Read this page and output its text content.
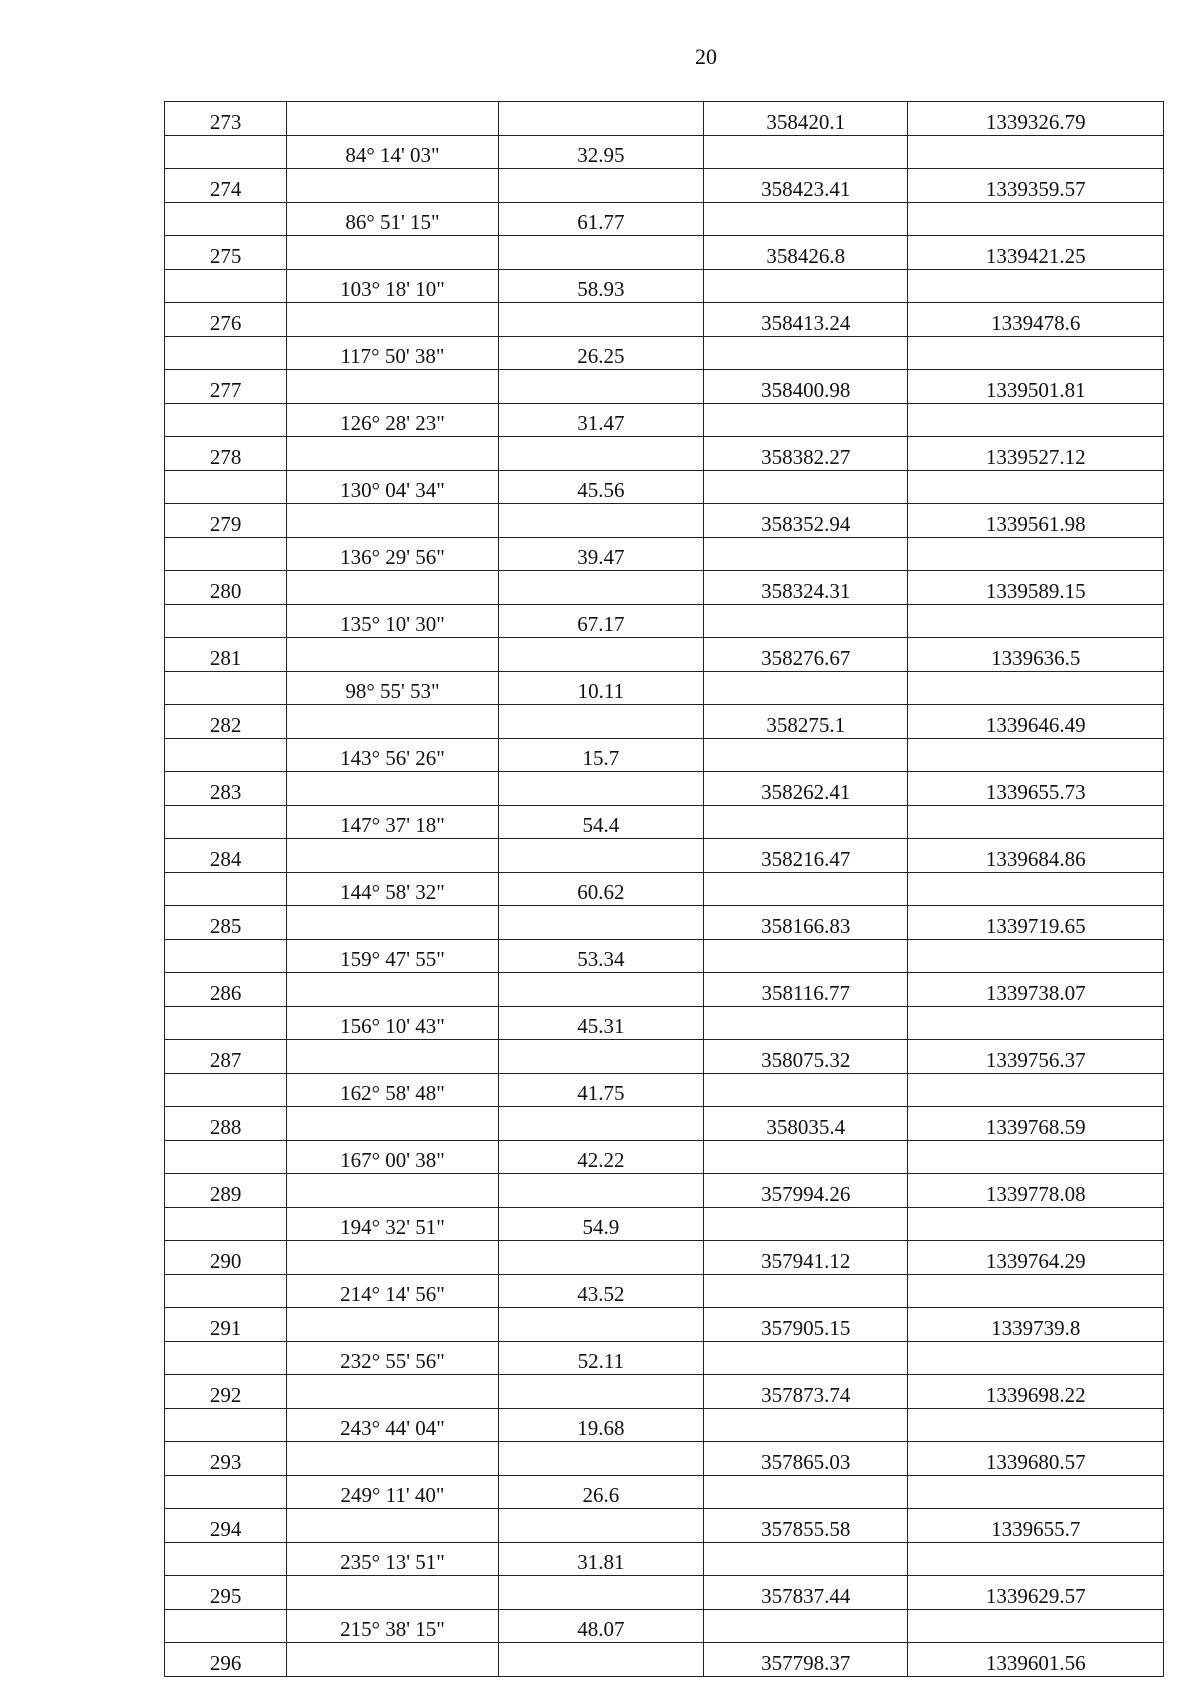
20
273			358420.1	1339326.79
	84° 14' 03"	32.95		
274			358423.41	1339359.57
	86° 51' 15"	61.77		
275			358426.8	1339421.25
	103° 18' 10"	58.93		
276			358413.24	1339478.6
	117° 50' 38"	26.25		
277			358400.98	1339501.81
	126° 28' 23"	31.47		
278			358382.27	1339527.12
	130° 04' 34"	45.56		
279			358352.94	1339561.98
	136° 29' 56"	39.47		
280			358324.31	1339589.15
	135° 10' 30"	67.17		
281			358276.67	1339636.5
	98° 55' 53"	10.11		
282			358275.1	1339646.49
	143° 56' 26"	15.7		
283			358262.41	1339655.73
	147° 37' 18"	54.4		
284			358216.47	1339684.86
	144° 58' 32"	60.62		
285			358166.83	1339719.65
	159° 47' 55"	53.34		
286			358116.77	1339738.07
	156° 10' 43"	45.31		
287			358075.32	1339756.37
	162° 58' 48"	41.75		
288			358035.4	1339768.59
	167° 00' 38"	42.22		
289			357994.26	1339778.08
	194° 32' 51"	54.9		
290			357941.12	1339764.29
	214° 14' 56"	43.52		
291			357905.15	1339739.8
	232° 55' 56"	52.11		
292			357873.74	1339698.22
	243° 44' 04"	19.68		
293			357865.03	1339680.57
	249° 11' 40"	26.6		
294			357855.58	1339655.7
	235° 13' 51"	31.81		
295			357837.44	1339629.57
	215° 38' 15"	48.07		
296			357798.37	1339601.56
